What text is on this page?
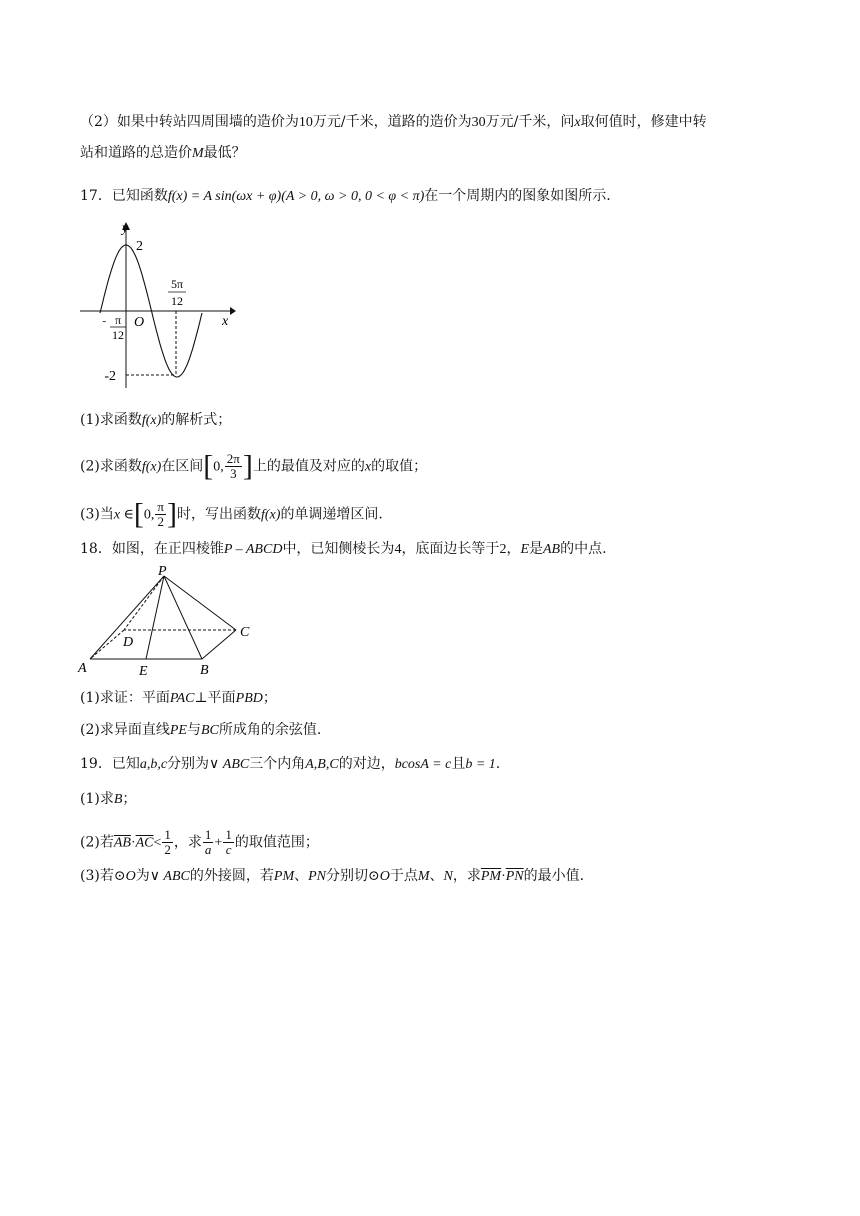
（2）如果中转站四周围墙的造价为10万元/千米，道路的造价为30万元/千米，问x取何值时，修建中转
站和道路的总造价M最低？
17．已知函数f(x) = A sin(ωx + φ)(A > 0, ω > 0, 0 < φ < π)在一个周期内的图象如图所示.
y
x
O
2
-2
- π
12
5π
12
(1)求函数f(x)的解析式；
(2)求函数f(x)在区间[0, $\frac{2\pi}{3}$ ]上的最值及对应的x的取值；
(3)当x ∈[0, $\frac{\pi}{2}$ ]时，写出函数f(x)的单调递增区间.
18．如图，在正四棱锥P – ABCD中，已知侧棱长为4，底面边长等于2，E是AB的中点.
P
A	B
C
D
E
(1)求证：平面PAC⊥平面PBD；
(2)求异面直线PE与BC所成角的余弦值.
19．已知a,b,c分别为∨ ABC三个内角A,B,C的对边，bcosA = c且b = 1.
(1)求B；
(2)若$\overline{AB}\cdot\overline{AC}< \frac{1}{2}$ ，求 $\frac{1}{a} + \frac{1}{c}$ 的取值范围；
(3)若⊙O为∨ ABC的外接圆，若PM、PN分别切⊙O于点M、N，求$\overline{PM}\cdot\overline{PN}$的最小值.
